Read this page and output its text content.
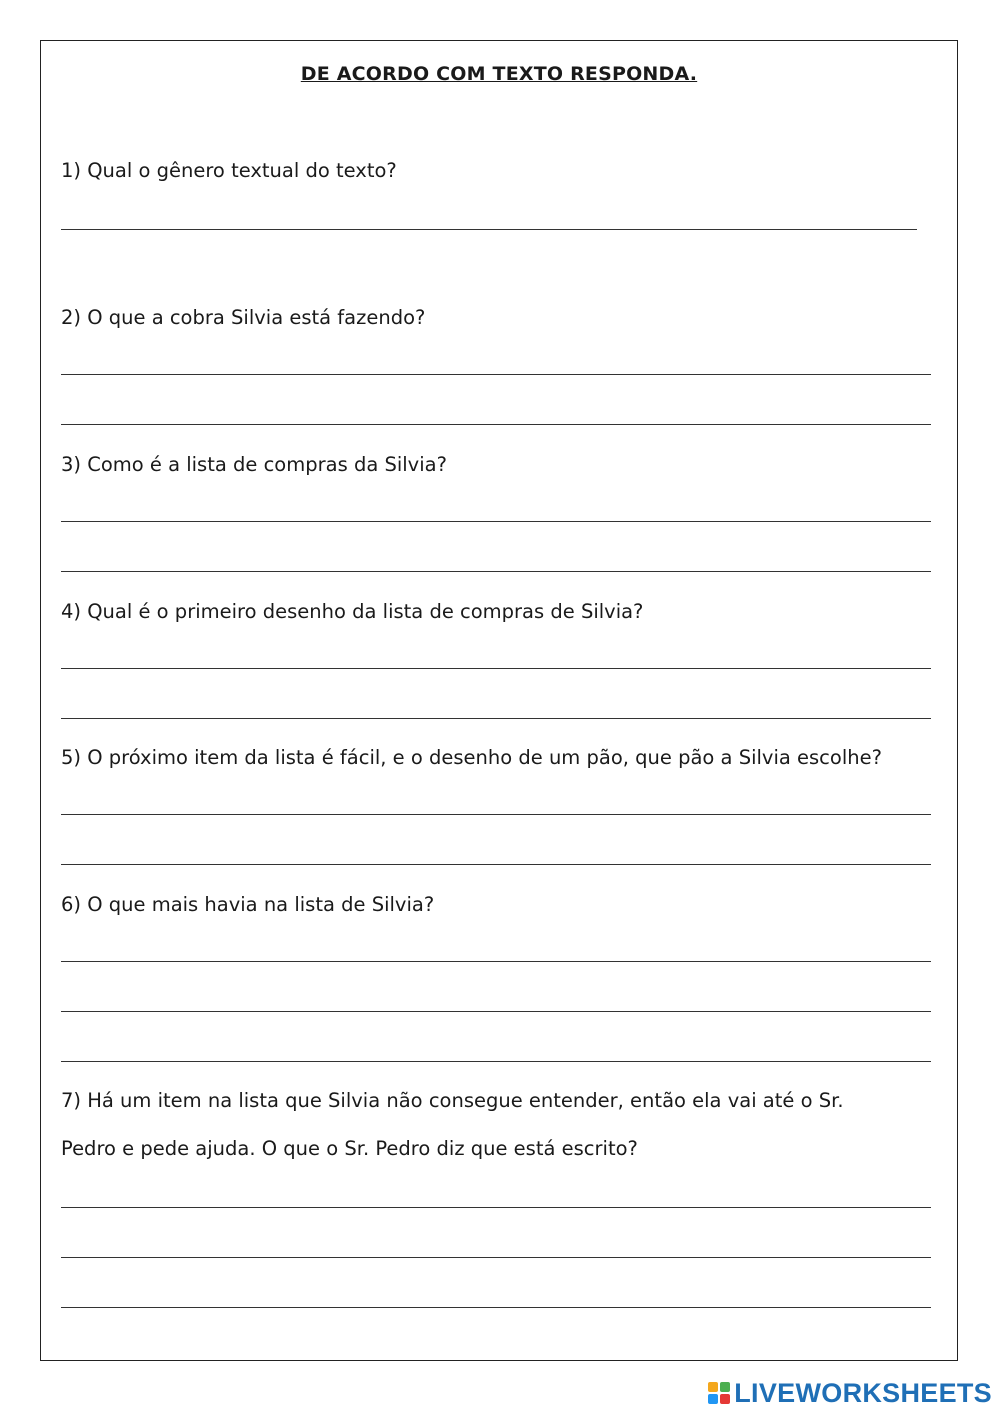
DE ACORDO COM TEXTO RESPONDA.
1) Qual o gênero textual do texto?
2) O que a cobra Silvia está fazendo?
3) Como é a lista de compras da Silvia?
4) Qual é o primeiro desenho da lista de compras de Silvia?
5) O próximo item da lista é fácil, e o desenho de um pão, que pão a Silvia escolhe?
6) O que mais havia na lista de Silvia?
7) Há um item na lista que Silvia não consegue entender, então ela vai até o Sr.
Pedro e pede ajuda. O que o Sr. Pedro diz que está escrito?
LIVEWORKSHEETS
